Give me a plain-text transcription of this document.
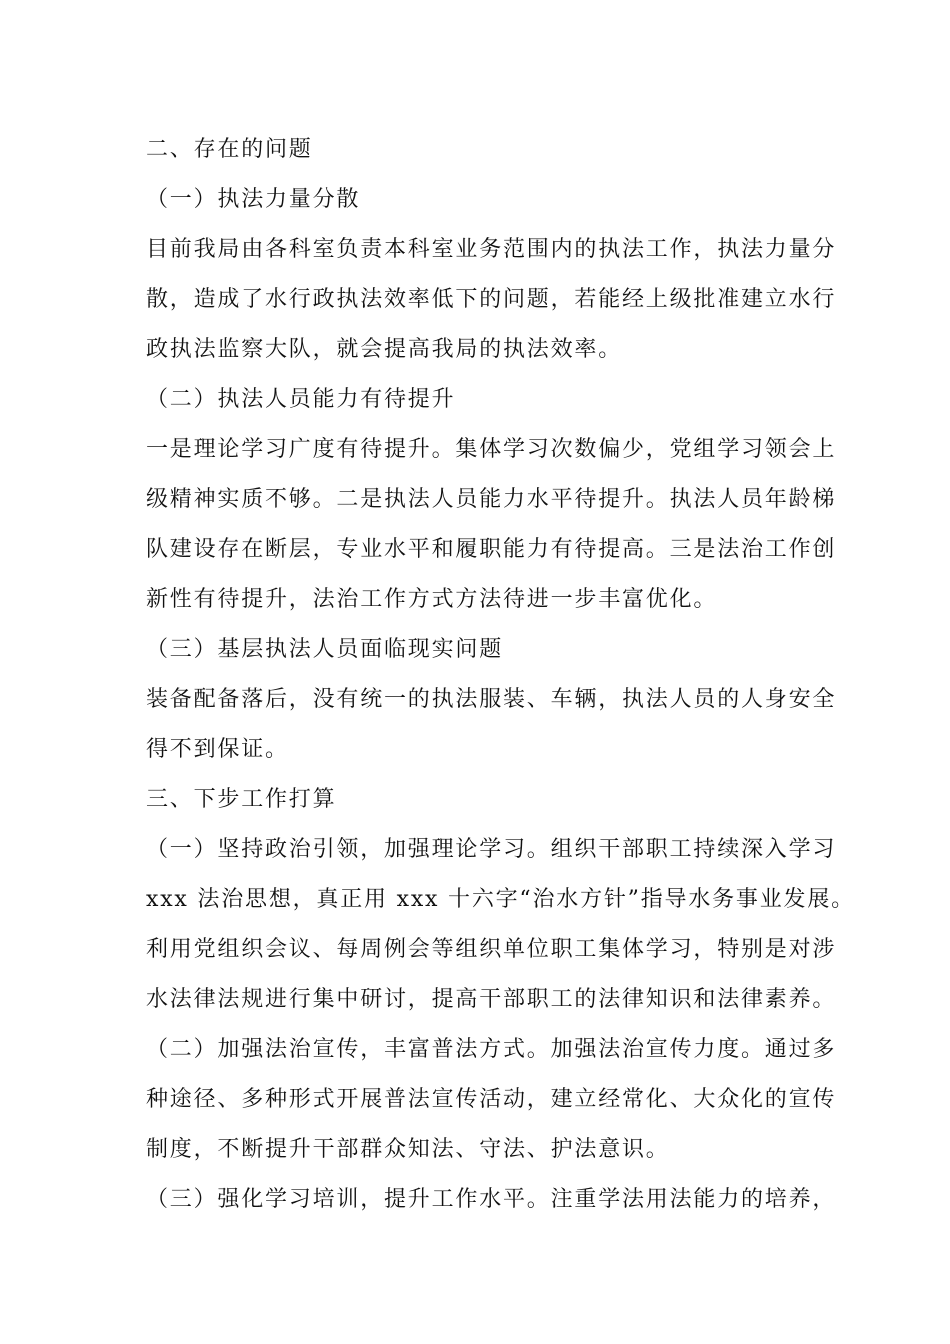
二、存在的问题
（一）执法力量分散
目前我局由各科室负责本科室业务范围内的执法工作，执法力量分
散，造成了水行政执法效率低下的问题，若能经上级批准建立水行
政执法监察大队，就会提高我局的执法效率。
（二）执法人员能力有待提升
一是理论学习广度有待提升。集体学习次数偏少，党组学习领会上
级精神实质不够。二是执法人员能力水平待提升。执法人员年龄梯
队建设存在断层，专业水平和履职能力有待提高。三是法治工作创
新性有待提升，法治工作方式方法待进一步丰富优化。
（三）基层执法人员面临现实问题
装备配备落后，没有统一的执法服装、车辆，执法人员的人身安全
得不到保证。
三、下步工作打算
（一）坚持政治引领，加强理论学习。组织干部职工持续深入学习
xxx 法治思想，真正用 xxx 十六字“治水方针”指导水务事业发展。
利用党组织会议、每周例会等组织单位职工集体学习，特别是对涉
水法律法规进行集中研讨，提高干部职工的法律知识和法律素养。
（二）加强法治宣传，丰富普法方式。加强法治宣传力度。通过多
种途径、多种形式开展普法宣传活动，建立经常化、大众化的宣传
制度，不断提升干部群众知法、守法、护法意识。
（三）强化学习培训，提升工作水平。注重学法用法能力的培养，
